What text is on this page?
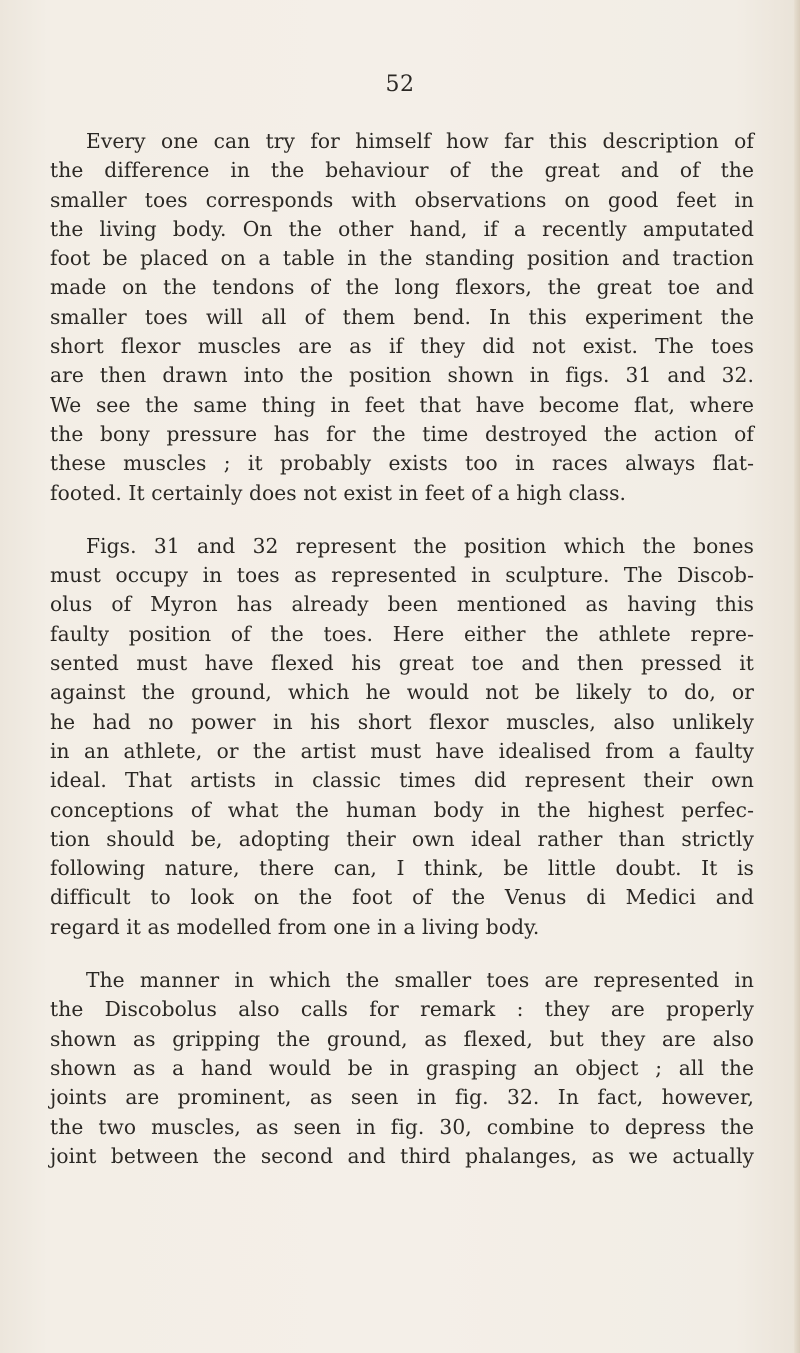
52
Every one can try for himself how far this description of
the difference in the behaviour of the great and of the
smaller toes corresponds with observations on good feet in
the living body. On the other hand, if a recently amputated
foot be placed on a table in the standing position and traction
made on the tendons of the long flexors, the great toe and
smaller toes will all of them bend. In this experiment the
short flexor muscles are as if they did not exist. The toes
are then drawn into the position shown in figs. 31 and 32.
We see the same thing in feet that have become flat, where
the bony pressure has for the time destroyed the action of
these muscles ; it probably exists too in races always flat-
footed. It certainly does not exist in feet of a high class.
Figs. 31 and 32 represent the position which the bones
must occupy in toes as represented in sculpture. The Discob-
olus of Myron has already been mentioned as having this
faulty position of the toes. Here either the athlete repre-
sented must have flexed his great toe and then pressed it
against the ground, which he would not be likely to do, or
he had no power in his short flexor muscles, also unlikely
in an athlete, or the artist must have idealised from a faulty
ideal. That artists in classic times did represent their own
conceptions of what the human body in the highest perfec-
tion should be, adopting their own ideal rather than strictly
following nature, there can, I think, be little doubt. It is
difficult to look on the foot of the Venus di Medici and
regard it as modelled from one in a living body.
The manner in which the smaller toes are represented in
the Discobolus also calls for remark : they are properly
shown as gripping the ground, as flexed, but they are also
shown as a hand would be in grasping an object ; all the
joints are prominent, as seen in fig. 32. In fact, however,
the two muscles, as seen in fig. 30, combine to depress the
joint between the second and third phalanges, as we actually
